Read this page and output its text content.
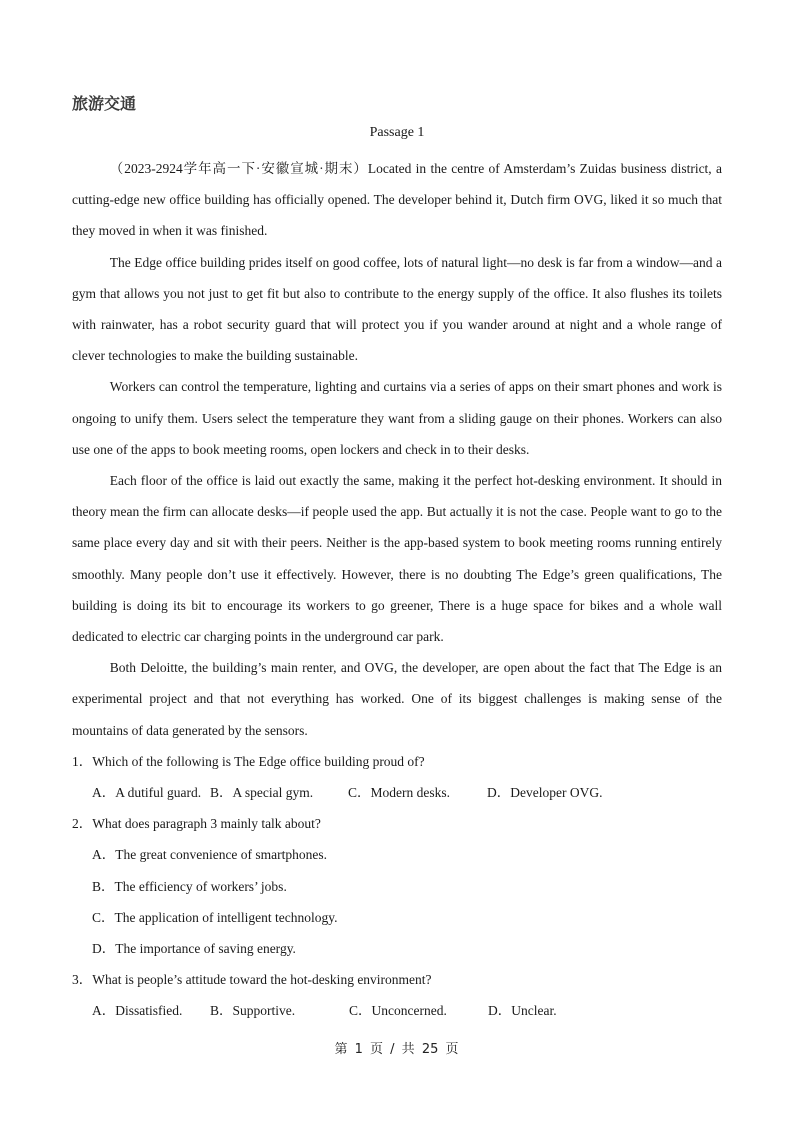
旅游交通
Passage 1

（2023-2924学年高一下·安徽宣城·期末）Located in the centre of Amsterdam’s Zuidas business district, a cutting-edge new office building has officially opened. The developer behind it, Dutch firm OVG, liked it so much that they moved in when it was finished.

The Edge office building prides itself on good coffee, lots of natural light—no desk is far from a window—and a gym that allows you not just to get fit but also to contribute to the energy supply of the office. It also flushes its toilets with rainwater, has a robot security guard that will protect you if you wander around at night and a whole range of clever technologies to make the building sustainable.

Workers can control the temperature, lighting and curtains via a series of apps on their smart phones and work is ongoing to unify them. Users select the temperature they want from a sliding gauge on their phones. Workers can also use one of the apps to book meeting rooms, open lockers and check in to their desks.

Each floor of the office is laid out exactly the same, making it the perfect hot-desking environment. It should in theory mean the firm can allocate desks—if people used the app. But actually it is not the case. People want to go to the same place every day and sit with their peers. Neither is the app-based system to book meeting rooms running entirely smoothly. Many people don’t use it effectively. However, there is no doubting The Edge’s green qualifications, The building is doing its bit to encourage its workers to go greener, There is a huge space for bikes and a whole wall dedicated to electric car charging points in the underground car park.

Both Deloitte, the building’s main renter, and OVG, the developer, are open about the fact that The Edge is an experimental project and that not everything has worked. One of its biggest challenges is making sense of the mountains of data generated by the sensors.

1．Which of the following is The Edge office building proud of?

A．A dutiful guard. B．A special gym.	C．Modern desks.	D．Developer OVG.

2．What does paragraph 3 mainly talk about?

A．The great convenience of smartphones.

B．The efficiency of workers’ jobs.

C．The application of intelligent technology.

D．The importance of saving energy.

3．What is people’s attitude toward the hot-desking environment?

A．Dissatisfied.	B．Supportive.	C．Unconcerned.	D．Unclear.
第 1 页 / 共 25 页
